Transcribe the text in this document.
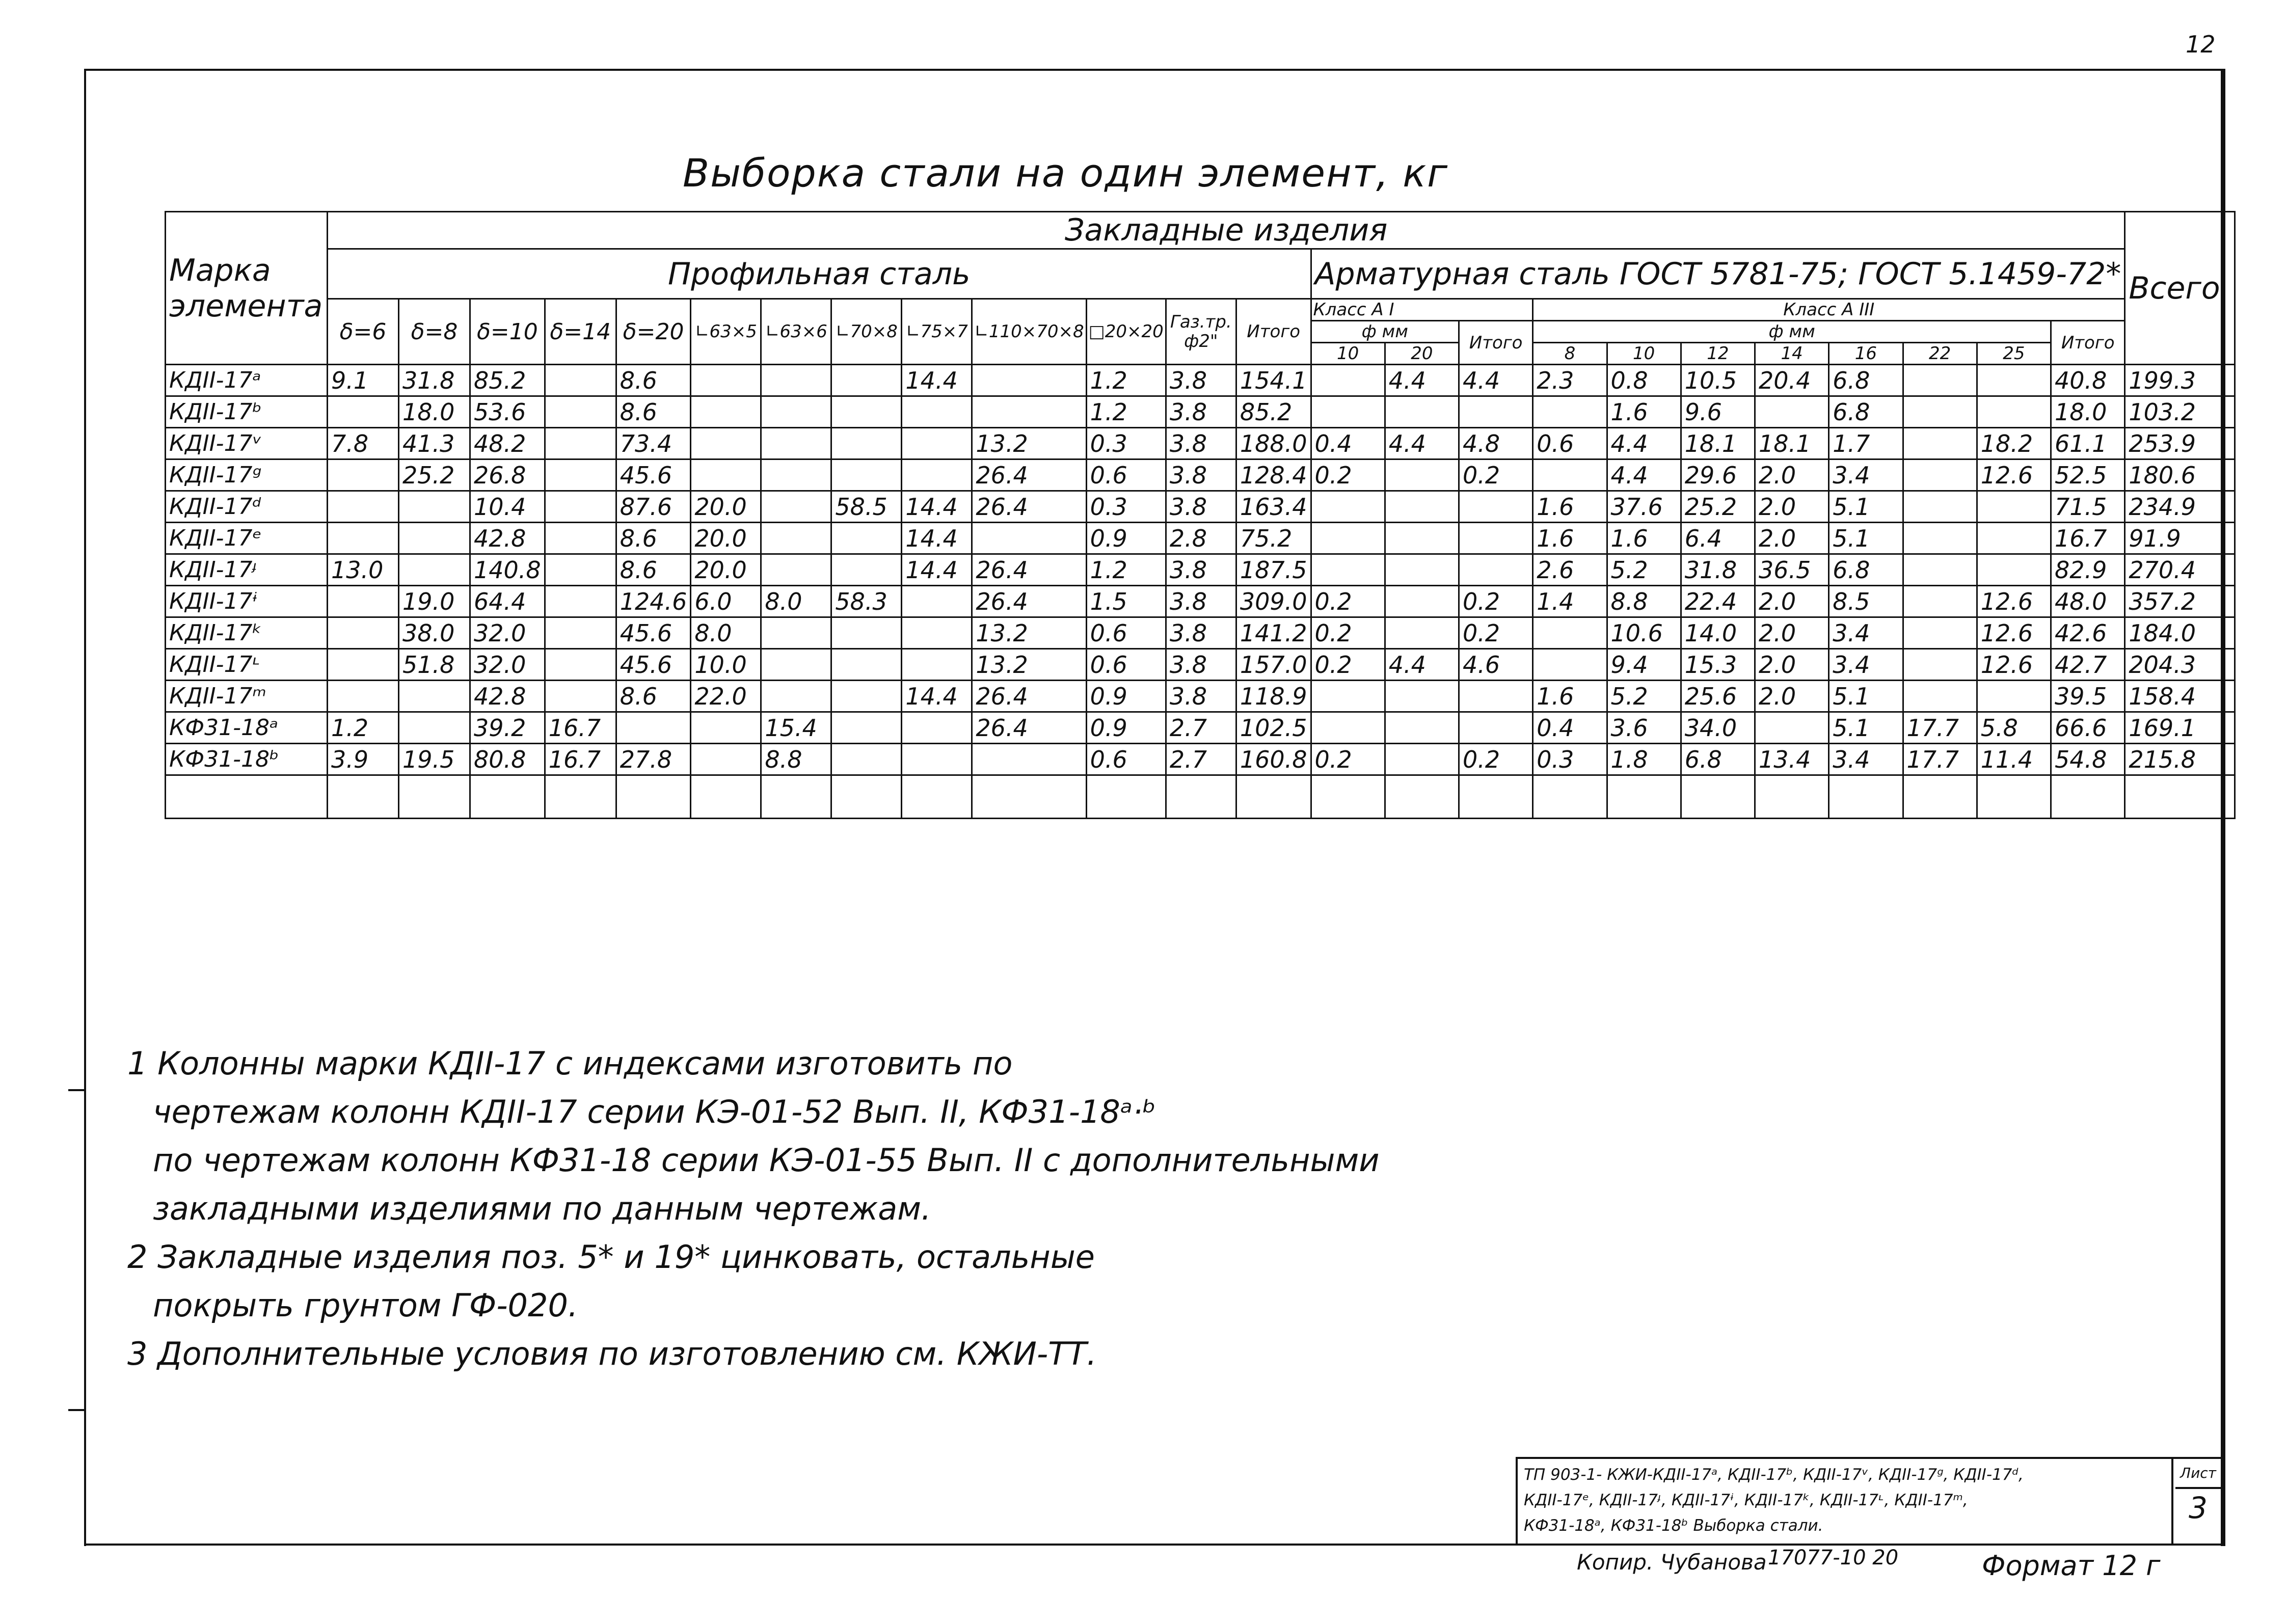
12
Выборка стали на один элемент, кг
Марка элемента	Закладные изделия																								Всего
	Профильная сталь													Арматурная сталь ГОСТ 5781-75; ГОСТ 5.1459-72*											
	δ=6	δ=8	δ=10	δ=14	δ=20	∟63×5	∟63×6	∟70×8	∟75×7	∟110×70×8	□20×20	Газ.тр. ф2"	Итого	Класс А I			Класс А III								
														ф мм		Итого	ф мм							Итого	
														10	20		8	10	12	14	16	22	25		
КДII-17ᵃ	9.1	31.8	85.2		8.6				14.4		1.2	3.8	154.1		4.4	4.4	2.3	0.8	10.5	20.4	6.8			40.8	199.3
КДII-17ᵇ		18.0	53.6		8.6						1.2	3.8	85.2					1.6	9.6		6.8			18.0	103.2
КДII-17ᵛ	7.8	41.3	48.2		73.4					13.2	0.3	3.8	188.0	0.4	4.4	4.8	0.6	4.4	18.1	18.1	1.7		18.2	61.1	253.9
КДII-17ᵍ		25.2	26.8		45.6					26.4	0.6	3.8	128.4	0.2		0.2		4.4	29.6	2.0	3.4		12.6	52.5	180.6
КДII-17ᵈ			10.4		87.6	20.0		58.5	14.4	26.4	0.3	3.8	163.4				1.6	37.6	25.2	2.0	5.1			71.5	234.9
КДII-17ᵉ			42.8		8.6	20.0			14.4		0.9	2.8	75.2				1.6	1.6	6.4	2.0	5.1			16.7	91.9
КДII-17ᶡ	13.0		140.8		8.6	20.0			14.4	26.4	1.2	3.8	187.5				2.6	5.2	31.8	36.5	6.8			82.9	270.4
КДII-17ᶤ		19.0	64.4		124.6	6.0	8.0	58.3		26.4	1.5	3.8	309.0	0.2		0.2	1.4	8.8	22.4	2.0	8.5		12.6	48.0	357.2
КДII-17ᵏ		38.0	32.0		45.6	8.0				13.2	0.6	3.8	141.2	0.2		0.2		10.6	14.0	2.0	3.4		12.6	42.6	184.0
КДII-17ᶫ		51.8	32.0		45.6	10.0				13.2	0.6	3.8	157.0	0.2	4.4	4.6		9.4	15.3	2.0	3.4		12.6	42.7	204.3
КДII-17ᵐ			42.8		8.6	22.0			14.4	26.4	0.9	3.8	118.9				1.6	5.2	25.6	2.0	5.1			39.5	158.4
КФ31-18ᵃ	1.2		39.2	16.7			15.4			26.4	0.9	2.7	102.5				0.4	3.6	34.0		5.1	17.7	5.8	66.6	169.1
КФ31-18ᵇ	3.9	19.5	80.8	16.7	27.8		8.8				0.6	2.7	160.8	0.2		0.2	0.3	1.8	6.8	13.4	3.4	17.7	11.4	54.8	215.8

1 Колонны марки КДII-17 с индексами изготовить по
чертежам колонн КДII-17 серии КЭ-01-52 Вып. II, КФ31-18ᵃ·ᵇ
по чертежам колонн КФ31-18 серии КЭ-01-55 Вып. II с дополнительными
закладными изделиями по данным чертежам.
2 Закладные изделия поз. 5* и 19* цинковать, остальные
покрыть грунтом ГФ-020.
3 Дополнительные условия по изготовлению см. КЖИ-ТТ.
ТП 903-1- КЖИ-КДII-17ᵃ, КДII-17ᵇ, КДII-17ᵛ, КДII-17ᵍ, КДII-17ᵈ,
КДII-17ᵉ, КДII-17ᶡ, КДII-17ᶤ, КДII-17ᵏ, КДII-17ᶫ, КДII-17ᵐ,
КФ31-18ᵃ, КФ31-18ᵇ Выборка стали.
Лист
3
Копир. Чубанова 17077-10 20	Формат 12 г
